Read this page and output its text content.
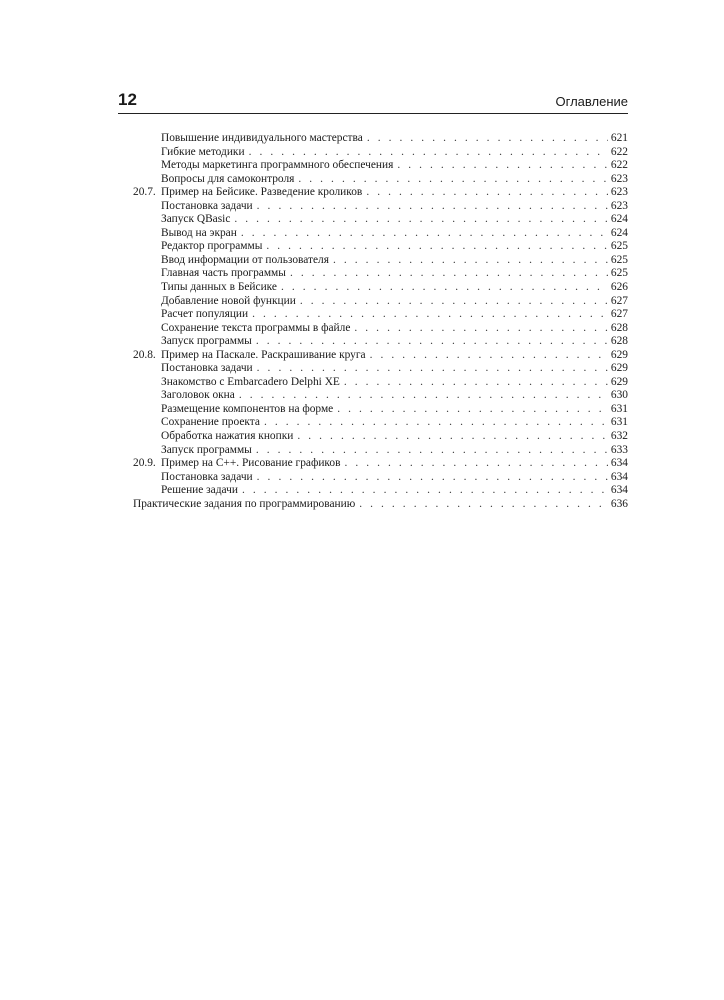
12	Оглавление
Повышение индивидуального мастерства . . .	621
Гибкие методики . . .	622
Методы маркетинга программного обеспечения . . .	622
Вопросы для самоконтроля . . .	623
20.7. Пример на Бейсике. Разведение кроликов . . .	623
Постановка задачи . . .	623
Запуск QBasic . . .	624
Вывод на экран . . .	624
Редактор программы . . .	625
Ввод информации от пользователя . . .	625
Главная часть программы . . .	625
Типы данных в Бейсике . . .	626
Добавление новой функции . . .	627
Расчет популяции . . .	627
Сохранение текста программы в файле . . .	628
Запуск программы . . .	628
20.8. Пример на Паскале. Раскрашивание круга . . .	629
Постановка задачи . . .	629
Знакомство с Embarcadero Delphi XE . . .	629
Заголовок окна . . .	630
Размещение компонентов на форме . . .	631
Сохранение проекта . . .	631
Обработка нажатия кнопки . . .	632
Запуск программы . . .	633
20.9. Пример на C++. Рисование графиков . . .	634
Постановка задачи . . .	634
Решение задачи . . .	634
Практические задания по программированию . . .	636
